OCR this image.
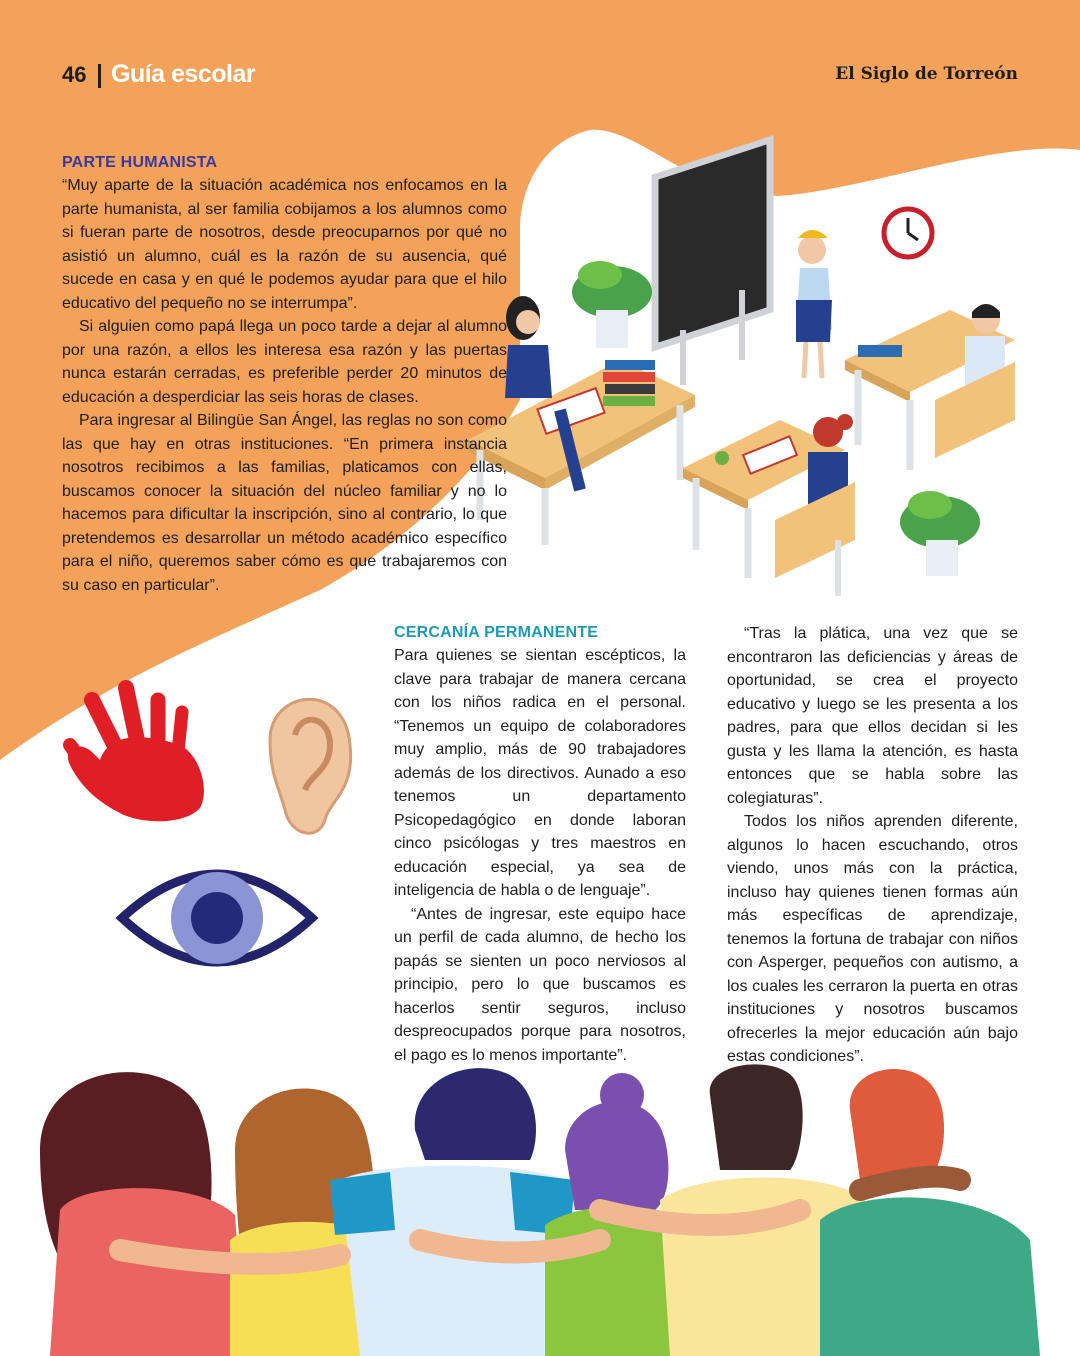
46 Guía escolar	El Siglo de Torreón
PARTE HUMANISTA

“Muy aparte de la situación académica nos enfocamos en la parte humanista, al ser familia cobijamos a los alumnos como si fueran parte de nosotros, desde preocuparnos por qué no asistió un alumno, cuál es la razón de su ausencia, qué sucede en casa y en qué le podemos ayudar para que el hilo educativo del pequeño no se interrumpa”.

Si alguien como papá llega un poco tarde a dejar al alumno por una razón, a ellos les interesa esa razón y las puertas nunca estarán cerradas, es preferible perder 20 minutos de educación a desperdiciar las seis horas de clases.

Para ingresar al Bilingüe San Ángel, las reglas no son como las que hay en otras instituciones. “En primera instancia nosotros recibimos a las familias, platicamos con ellas, buscamos conocer la situación del núcleo familiar y no lo hacemos para dificultar la inscripción, sino al contrario, lo que pretendemos es desarrollar un método académico específico para el niño, queremos saber cómo es que trabajaremos con su caso en particular”.

CERCANÍA PERMANENTE

Para quienes se sientan escépticos, la clave para trabajar de manera cercana con los niños radica en el personal. “Tenemos un equipo de colaboradores muy amplio, más de 90 trabajadores además de los directivos. Aunado a eso tenemos un departamento Psicopedagógico en donde laboran cinco psicólogas y tres maestros en educación especial, ya sea de inteligencia de habla o de lenguaje”.

“Antes de ingresar, este equipo hace un perfil de cada alumno, de hecho los papás se sienten un poco nerviosos al principio, pero lo que buscamos es hacerlos sentir seguros, incluso despreocupados porque para nosotros, el pago es lo menos importante”.

“Tras la plática, una vez que se encontraron las deficiencias y áreas de oportunidad, se crea el proyecto educativo y luego se les presenta a los padres, para que ellos decidan si les gusta y les llama la atención, es hasta entonces que se habla sobre las colegiaturas”.

Todos los niños aprenden diferente, algunos lo hacen escuchando, otros viendo, unos más con la práctica, incluso hay quienes tienen formas aún más específicas de aprendizaje, tenemos la fortuna de trabajar con niños con Asperger, pequeños con autismo, a los cuales les cerraron la puerta en otras instituciones y nosotros buscamos ofrecerles la mejor educación aún bajo estas condiciones”.
